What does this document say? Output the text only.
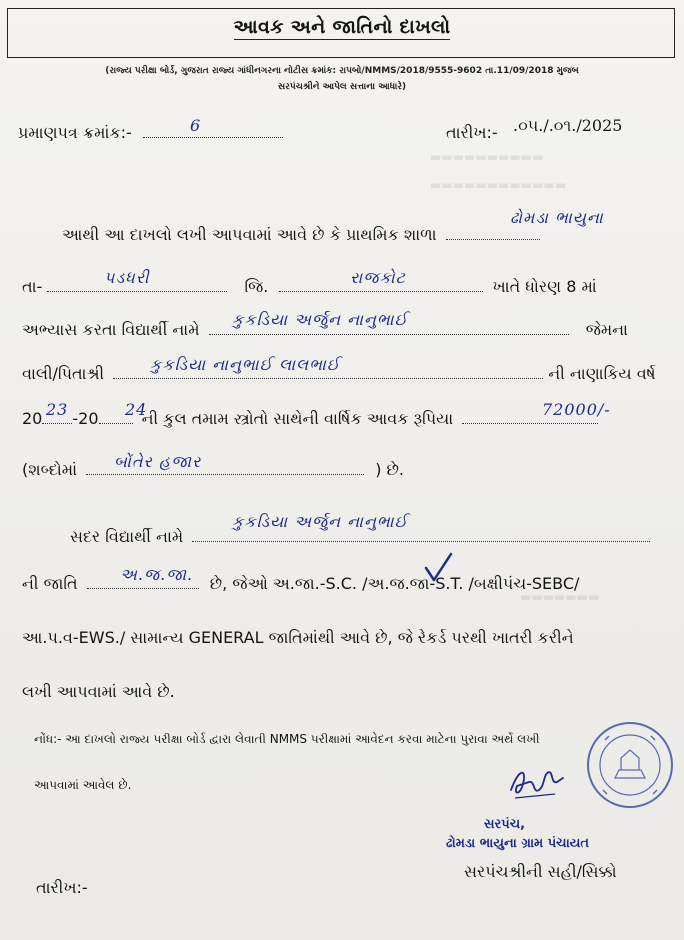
આવક અને જાતિનો દાખલો
(રાજ્ય પરીક્ષા બોર્ડ, ગુજરાત રાજ્ય ગાંધીનગરના નોટીસ ક્રમાંક: રાપબો/NMMS/2018/9555-9602 તા.11/09/2018 મુજબ
સરપંચશ્રીને આપેલ સત્તાના આધારે)
▬▬▬▬▬▬▬▬▬▬
▬▬▬▬▬▬▬▬▬▬▬▬
▬▬▬▬▬▬▬
પ્રમાણપત્ર ક્રમાંક:-	6	તારીખ:- .૦૫./.૦૧./2025
આથી આ દાખલો લખી આપવામાં આવે છે કે પ્રાથમિક શાળા
ઢોમડા ભાયુના
તા-	જિ.	ખાતે ધોરણ 8 માં
પડધરી	રાજકોટ
અભ્યાસ કરતા વિદ્યાર્થી નામે	જેમના
કુકડિયા અર્જુન નાનુભાઈ
વાલી/પિતાશ્રી	ની નાણાકિય વર્ષ
કુકડિયા નાનુભાઈ લાલભાઈ
20 -20	ની કુલ તમામ સ્ત્રોતો સાથેની વાર્ષિક આવક રૂપિયા
23	24	72000/-
(શબ્દોમાં	) છે.
બોંતેર હજાર
સદર વિદ્યાર્થી નામે
કુકડિયા અર્જુન નાનુભાઈ
ની જાતિ	છે, જેઓ અ.જા.-S.C. /અ.જ.જા-S.T. /બક્ષીપંચ-SEBC/
અ.જ.જા.
આ.પ.વ-EWS./ સામાન્ય GENERAL જાતિમાંથી આવે છે, જે રેકર્ડ પરથી ખાતરી કરીને
લખી આપવામાં આવે છે.
નોંધ:- આ દાખલો રાજ્ય પરીક્ષા બોર્ડ દ્વારા લેવાતી NMMS પરીક્ષામાં આવેદન કરવા માટેના પુરાવા અર્થે લખી
આપવામાં આવેલ છે.
સરપંચ,
ઢોમડા ભાયુના ગ્રામ પંચાયત
તારીખ:-
સરપંચશ્રીની સહી/સિક્કો
